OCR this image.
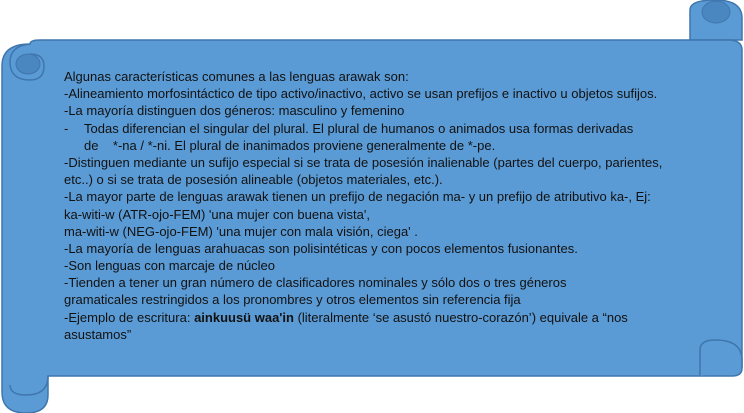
Algunas características comunes a las lenguas arawak son:
-Alineamiento morfosintáctico de tipo activo/inactivo, activo se usan prefijos e inactivo u objetos sufijos.
-La mayoría distinguen dos géneros: masculino y femenino
- Todas diferencian el singular del plural. El plural de humanos o animados usa formas derivadas
de *-na / *-ni. El plural de inanimados proviene generalmente de *-pe.
-Distinguen mediante un sufijo especial si se trata de posesión inalienable (partes del cuerpo, parientes,
etc..) o si se trata de posesión alineable (objetos materiales, etc.).
-La mayor parte de lenguas arawak tienen un prefijo de negación ma- y un prefijo de atributivo ka-, Ej:
ka-witi-w (ATR-ojo-FEM) 'una mujer con buena vista',
ma-witi-w (NEG-ojo-FEM) 'una mujer con mala visión, ciega' .
-La mayoría de lenguas arahuacas son polisintéticas y con pocos elementos fusionantes.
-Son lenguas con marcaje de núcleo
-Tienden a tener un gran número de clasificadores nominales y sólo dos o tres géneros
gramaticales restringidos a los pronombres y otros elementos sin referencia fija
-Ejemplo de escritura: ainkuusü waa'in (literalmente ‘se asustó nuestro-corazón’) equivale a “nos
asustamos”
